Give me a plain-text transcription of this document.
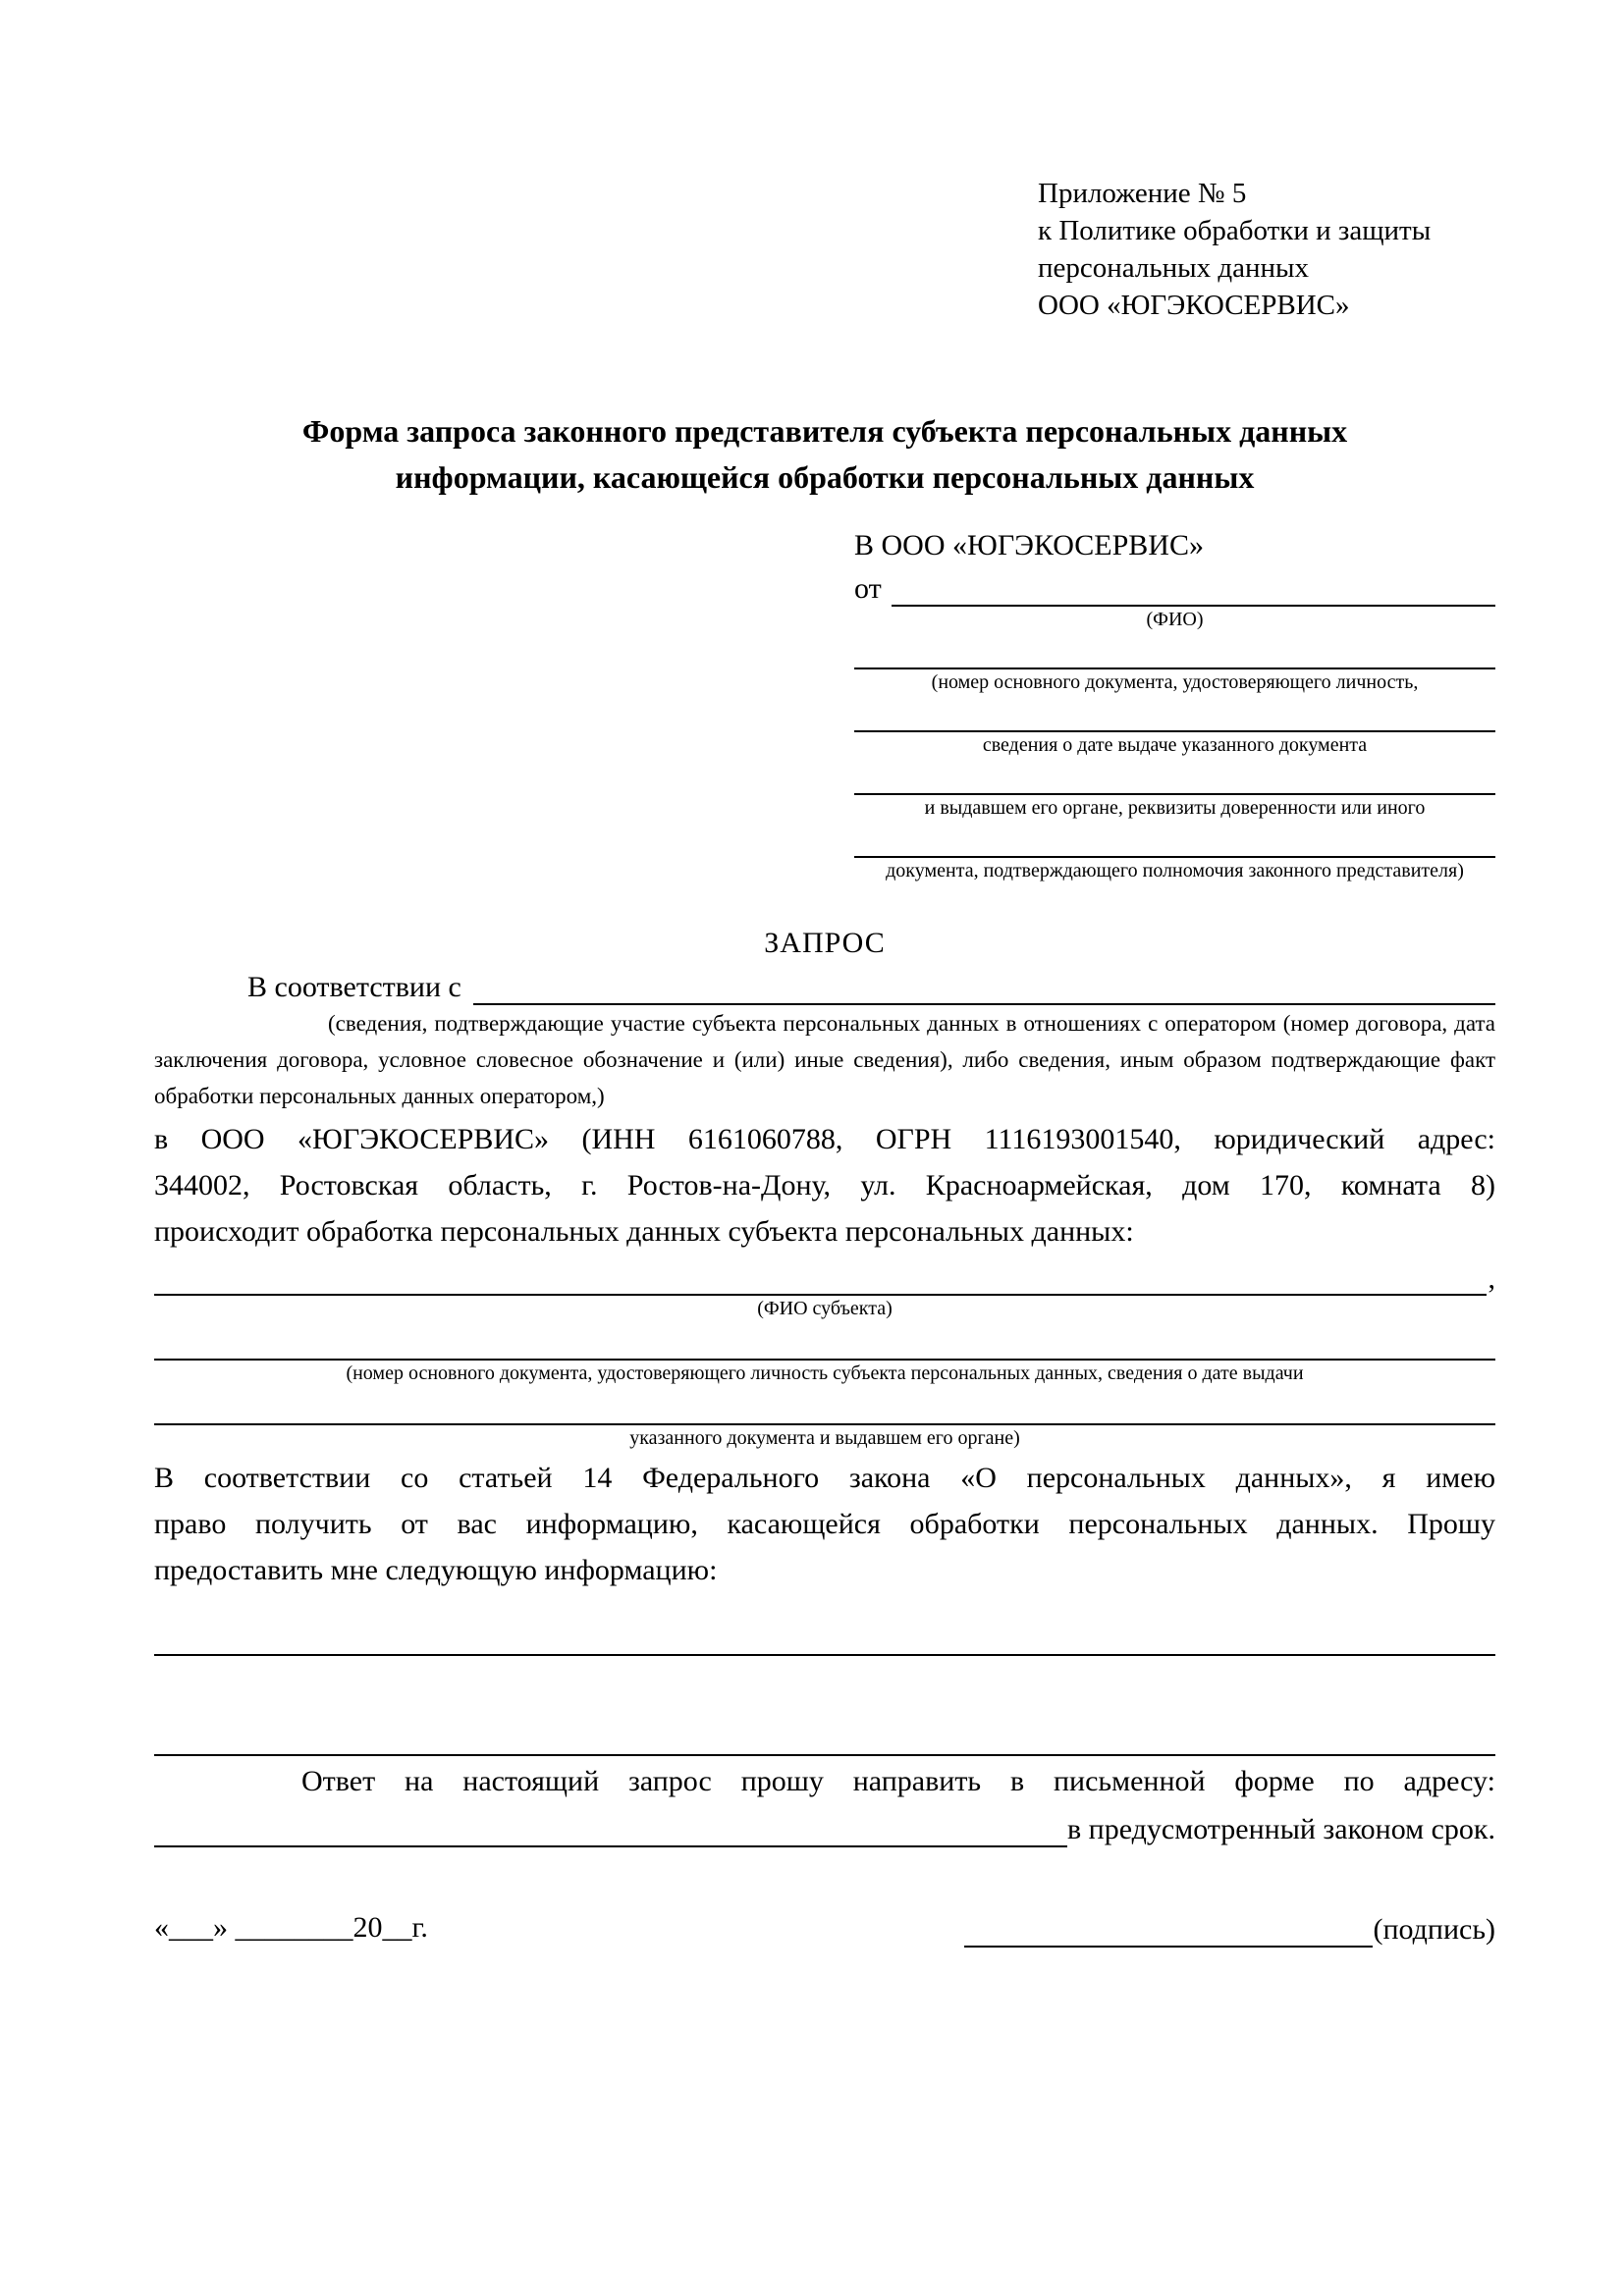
Приложение № 5
к Политике обработки и защиты
персональных данных
ООО «ЮГЭКОСЕРВИС»
Форма запроса законного представителя субъекта персональных данных
информации, касающейся обработки персональных данных
В ООО «ЮГЭКОСЕРВИС»
от
(ФИО)
(номер основного документа, удостоверяющего личность,
сведения о дате выдаче указанного документа
и выдавшем его органе, реквизиты доверенности или иного
документа, подтверждающего полномочия законного представителя)
ЗАПРОС
В соответствии с
(сведения, подтверждающие участие субъекта персональных данных в отношениях с оператором (номер договора, дата
заключения договора, условное словесное обозначение и (или) иные сведения), либо сведения, иным образом подтверждающие факт
обработки персональных данных оператором,)
в ООО «ЮГЭКОСЕРВИС» (ИНН 6161060788, ОГРН 1116193001540, юридический адрес:
344002, Ростовская область, г. Ростов-на-Дону, ул. Красноармейская, дом 170, комната 8)
происходит обработка персональных данных субъекта персональных данных:
,
(ФИО субъекта)
(номер основного документа, удостоверяющего личность субъекта персональных данных, сведения о дате выдачи
указанного документа и выдавшем его органе)
В соответствии со статьей 14 Федерального закона «О персональных данных», я имею
право получить от вас информацию, касающейся обработки персональных данных. Прошу
предоставить мне следующую информацию:
Ответ на настоящий запрос прошу направить в письменной форме по адресу:
в предусмотренный законом срок.
«___» ________20__г.	(подпись)
